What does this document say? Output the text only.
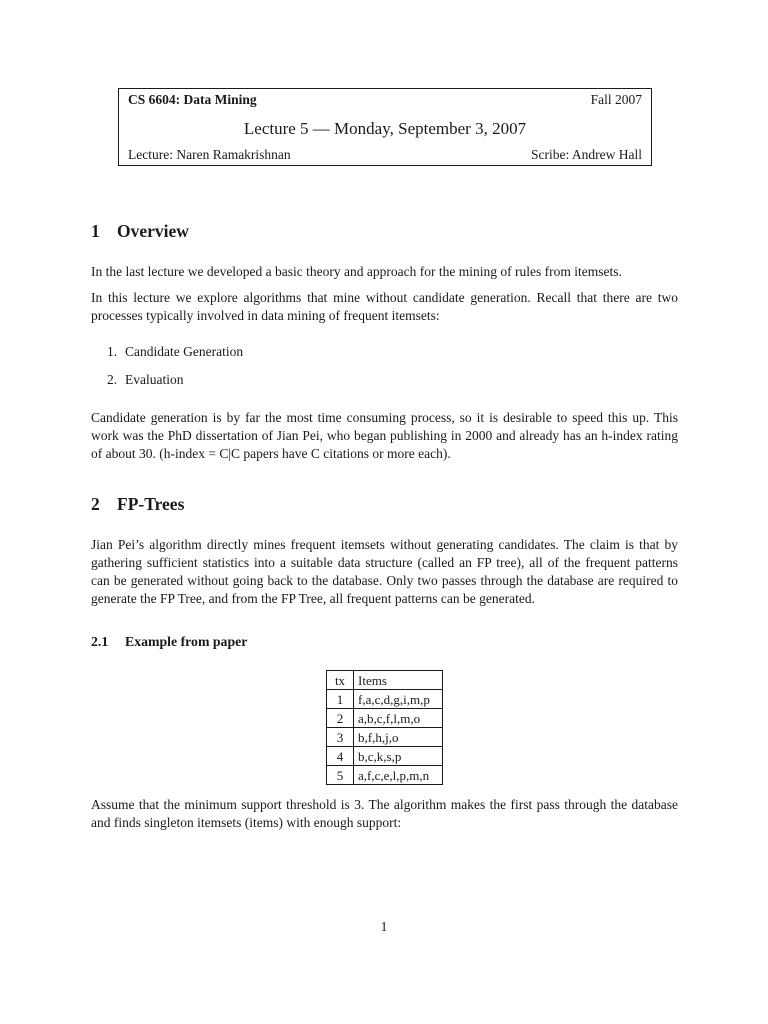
CS 6604: Data Mining	Fall 2007
Lecture 5 — Monday, September 3, 2007
Lecture: Naren Ramakrishnan	Scribe: Andrew Hall
1 Overview
In the last lecture we developed a basic theory and approach for the mining of rules from itemsets.
In this lecture we explore algorithms that mine without candidate generation. Recall that there are two
processes typically involved in data mining of frequent itemsets:
1. Candidate Generation
2. Evaluation
Candidate generation is by far the most time consuming process, so it is desirable to speed this up. This
work was the PhD dissertation of Jian Pei, who began publishing in 2000 and already has an h-index rating
of about 30. (h-index = C|C papers have C citations or more each).
2 FP-Trees
Jian Pei’s algorithm directly mines frequent itemsets without generating candidates. The claim is that by
gathering sufficient statistics into a suitable data structure (called an FP tree), all of the frequent patterns
can be generated without going back to the database. Only two passes through the database are required to
generate the FP Tree, and from the FP Tree, all frequent patterns can be generated.
2.1 Example from paper
tx	Items
1	f,a,c,d,g,i,m,p
2	a,b,c,f,l,m,o
3	b,f,h,j,o
4	b,c,k,s,p
5	a,f,c,e,l,p,m,n
Assume that the minimum support threshold is 3. The algorithm makes the first pass through the database
and finds singleton itemsets (items) with enough support:
1
